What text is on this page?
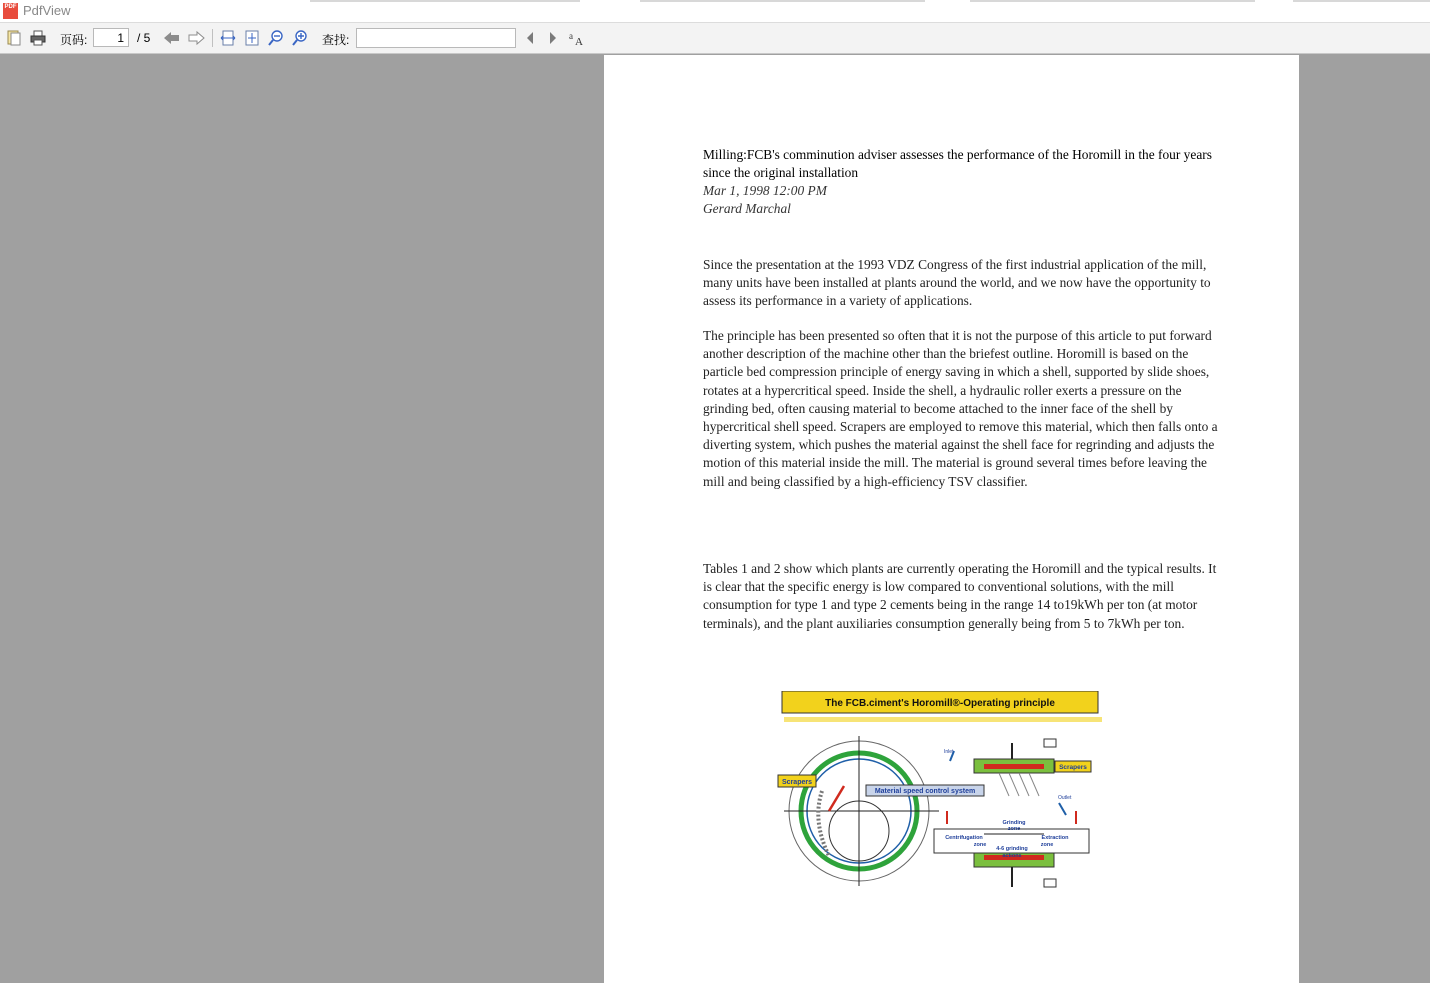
PDF PdfView
页码:
1	/ 5	查找:	a A
Milling:FCB's comminution adviser assesses the performance of the Horomill in the four years since the original installation
Mar 1, 1998 12:00 PM
Gerard Marchal
Since the presentation at the 1993 VDZ Congress of the first industrial application of the mill, many units have been installed at plants around the world, and we now have the opportunity to assess its performance in a variety of applications.
The principle has been presented so often that it is not the purpose of this article to put forward another description of the machine other than the briefest outline. Horomill is based on the particle bed compression principle of energy saving in which a shell, supported by slide shoes, rotates at a hypercritical speed. Inside the shell, a hydraulic roller exerts a pressure on the grinding bed, often causing material to become attached to the inner face of the shell by hypercritical shell speed. Scrapers are employed to remove this material, which then falls onto a diverting system, which pushes the material against the shell face for regrinding and adjusts the motion of this material inside the mill. The material is ground several times before leaving the mill and being classified by a high-efficiency TSV classifier.
Tables 1 and 2 show which plants are currently operating the Horomill and the typical results. It is clear that the specific energy is low compared to conventional solutions, with the mill consumption for type 1 and type 2 cements being in the range 14 to19kWh per ton (at motor terminals), and the plant auxiliaries consumption generally being from 5 to 7kWh per ton.
The FCB.ciment's Horomill®-Operating principle
Scrapers
Material speed control system
Inlet
Outlet
Scrapers
Grinding
zone
Centrifugation
zone
Extraction
zone
4-6 grinding
actions
